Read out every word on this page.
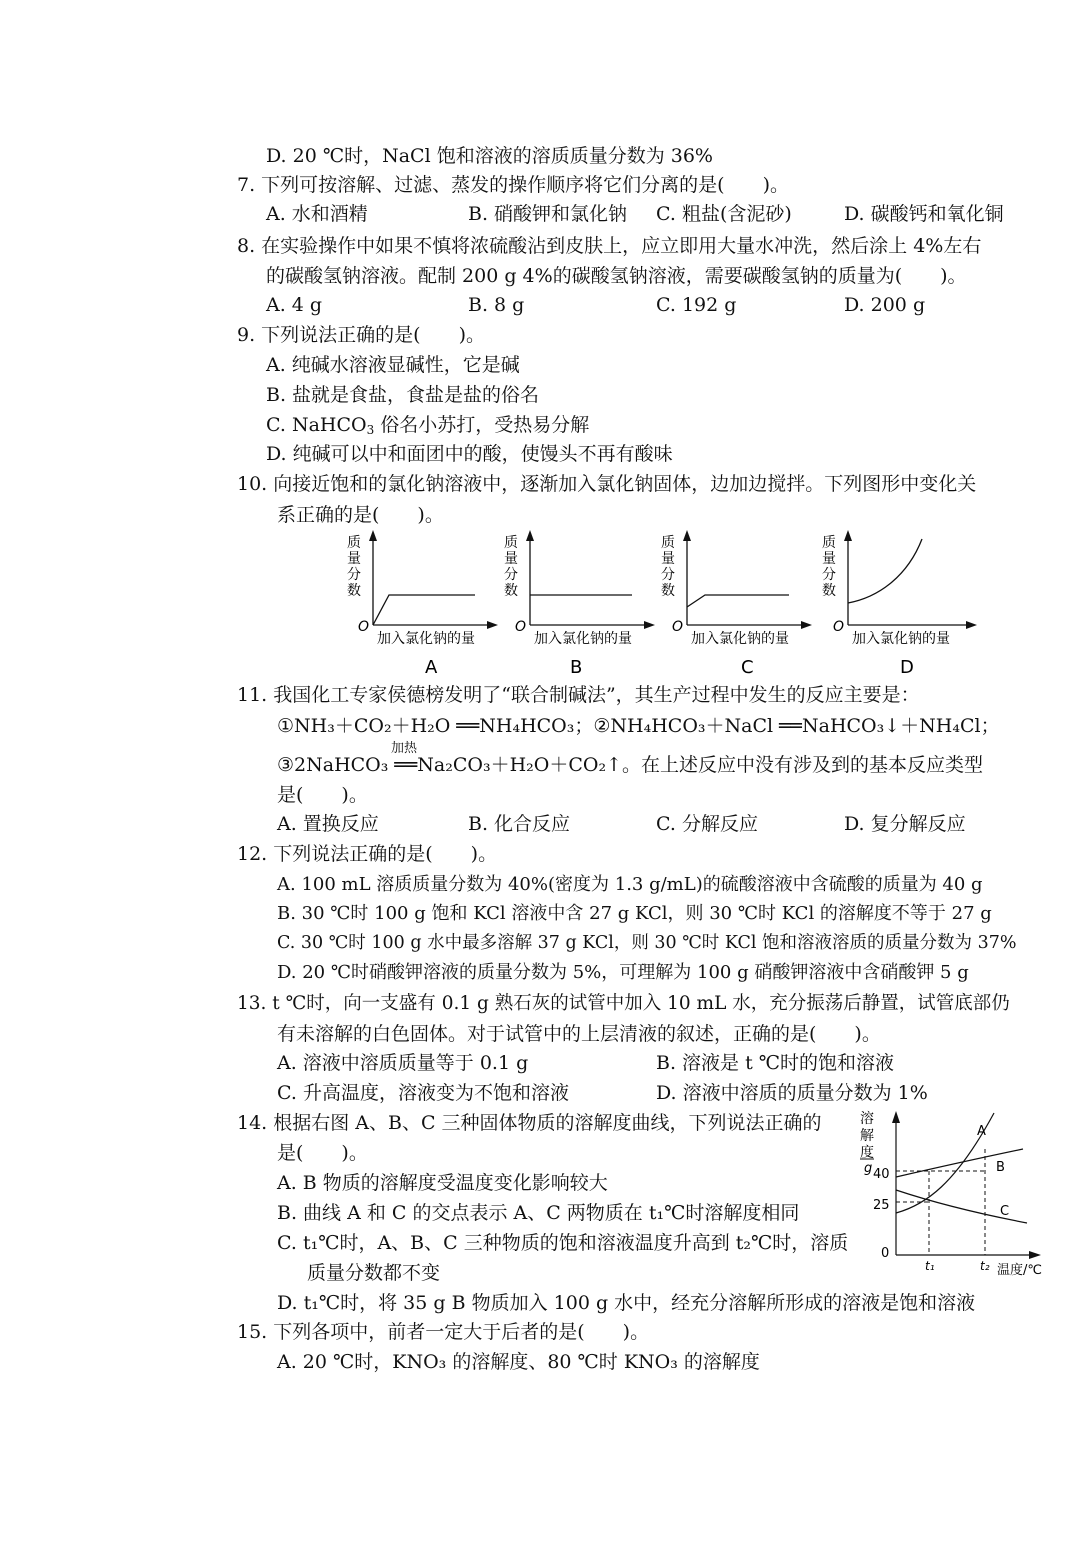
D. 20 ℃时，NaCl 饱和溶液的溶质质量分数为 36%
7. 下列可按溶解、过滤、蒸发的操作顺序将它们分离的是(　　)。
A. 水和酒精	B. 硝酸钾和氯化钠 C. 粗盐(含泥砂)	D. 碳酸钙和氧化铜
8. 在实验操作中如果不慎将浓硫酸沾到皮肤上，应立即用大量水冲洗，然后涂上 4%左右
的碳酸氢钠溶液。配制 200 g 4%的碳酸氢钠溶液，需要碳酸氢钠的质量为(　　)。
A. 4 g	B. 8 g	C. 192 g	D. 200 g
9. 下列说法正确的是(　　)。
A. 纯碱水溶液显碱性，它是碱
B. 盐就是食盐，食盐是盐的俗名
C. NaHCO$_3$ 俗名小苏打，受热易分解
D. 纯碱可以中和面团中的酸，使馒头不再有酸味
10. 向接近饱和的氯化钠溶液中，逐渐加入氯化钠固体，边加边搅拌。下列图形中变化关
系正确的是(　　)。
质
量
分
数
O
加入氯化钠的量
A
质
量
分
数
O
加入氯化钠的量
B
质
量
分
数
O
加入氯化钠的量
C
质
量
分
数
O
加入氯化钠的量
D
11. 我国化工专家侯德榜发明了“联合制碱法”，其生产过程中发生的反应主要是：
①NH₃＋CO₂＋H₂O ══NH₄HCO₃；②NH₄HCO₃＋NaCl ══NaHCO₃↓＋NH₄Cl；
加热
③2NaHCO₃ ══Na₂CO₃＋H₂O＋CO₂↑。在上述反应中没有涉及到的基本反应类型
是(　　)。
A. 置换反应	B. 化合反应	C. 分解反应	D. 复分解反应
12. 下列说法正确的是(　　)。
A. 100 mL 溶质质量分数为 40%(密度为 1.3 g/mL)的硫酸溶液中含硫酸的质量为 40 g
B. 30 ℃时 100 g 饱和 KCl 溶液中含 27 g KCl，则 30 ℃时 KCl 的溶解度不等于 27 g
C. 30 ℃时 100 g 水中最多溶解 37 g KCl，则 30 ℃时 KCl 饱和溶液溶质的质量分数为 37%
D. 20 ℃时硝酸钾溶液的质量分数为 5%，可理解为 100 g 硝酸钾溶液中含硝酸钾 5 g
13. t ℃时，向一支盛有 0.1 g 熟石灰的试管中加入 10 mL 水，充分振荡后静置，试管底部仍
有未溶解的白色固体。对于试管中的上层清液的叙述，正确的是(　　)。
A. 溶液中溶质质量等于 0.1 g	B. 溶液是 t ℃时的饱和溶液
C. 升高温度，溶液变为不饱和溶液	D. 溶液中溶质的质量分数为 1%
14. 根据右图 A、B、C 三种固体物质的溶解度曲线，下列说法正确的
是(　　)。
A. B 物质的溶解度受温度变化影响较大
B. 曲线 A 和 C 的交点表示 A、C 两物质在 t₁℃时溶解度相同
C. t₁℃时，A、B、C 三种物质的饱和溶液温度升高到 t₂℃时，溶质
质量分数都不变
D. t₁℃时，将 35 g B 物质加入 100 g 水中，经充分溶解所形成的溶液是饱和溶液
溶
解
度
g 40
25
0
A
B
C
t₁	t₂ 温度/℃
15. 下列各项中，前者一定大于后者的是(　　)。
A. 20 ℃时，KNO₃ 的溶解度、80 ℃时 KNO₃ 的溶解度
